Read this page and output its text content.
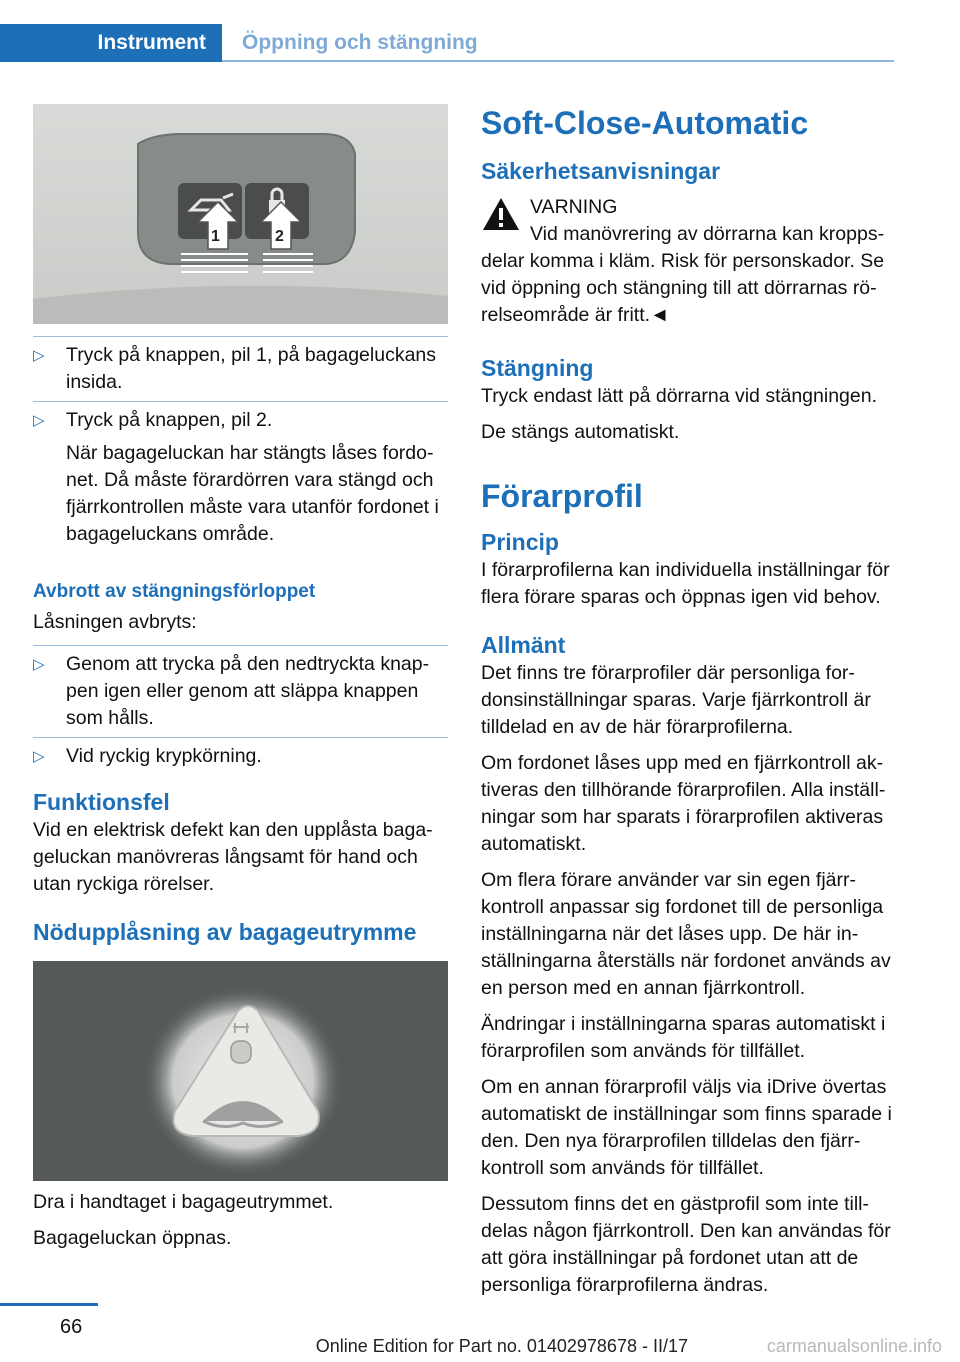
Instrument	Öppning och stängning
1	2
▷ Tryck på knappen, pil 1, på bagageluckans insida.
▷ Tryck på knappen, pil 2.
När bagageluckan har stängts låses fordonet. Då måste förardörren vara stängd och fjärrkontrollen måste vara utanför fordonet i bagageluckans område.
Avbrott av stängningsförloppet

Låsningen avbryts:

▷ Genom att trycka på den nedtryckta knappen igen eller genom att släppa knappen som hålls.
▷ Vid ryckig krypkörning.
Funktionsfel

Vid en elektrisk defekt kan den upplåsta bagageluckan manövreras långsamt för hand och utan ryckiga rörelser.

Nödupplåsning av bagageutrymme

Dra i handtaget i bagageutrymmet.

Bagageluckan öppnas.

Soft-Close-Automatic
Säkerhetsanvisningar

VARNING

Vid manövrering av dörrarna kan kroppsdelar komma i kläm. Risk för personskador. Se vid öppning och stängning till att dörrarnas rörelseområde är fritt.◄

Stängning

Tryck endast lätt på dörrarna vid stängningen.

De stängs automatiskt.

Förarprofil
Princip

I förarprofilerna kan individuella inställningar för flera förare sparas och öppnas igen vid behov.

Allmänt

Det finns tre förarprofiler där personliga fordonsinställningar sparas. Varje fjärrkontroll är tilldelad en av de här förarprofilerna.

Om fordonet låses upp med en fjärrkontroll aktiveras den tillhörande förarprofilen. Alla inställningar som har sparats i förarprofilen aktiveras automatiskt.

Om flera förare använder var sin egen fjärrkontroll anpassar sig fordonet till de personliga inställningarna när det låses upp. De här inställningarna återställs när fordonet används av en person med en annan fjärrkontroll.

Ändringar i inställningarna sparas automatiskt i förarprofilen som används för tillfället.

Om en annan förarprofil väljs via iDrive övertas automatiskt de inställningar som finns sparade i den. Den nya förarprofilen tilldelas den fjärrkontroll som används för tillfället.

Dessutom finns det en gästprofil som inte tilldelas någon fjärrkontroll. Den kan användas för att göra inställningar på fordonet utan att de personliga förarprofilerna ändras.

66
Online Edition for Part no. 01402978678 - II/17	carmanualsonline.info
